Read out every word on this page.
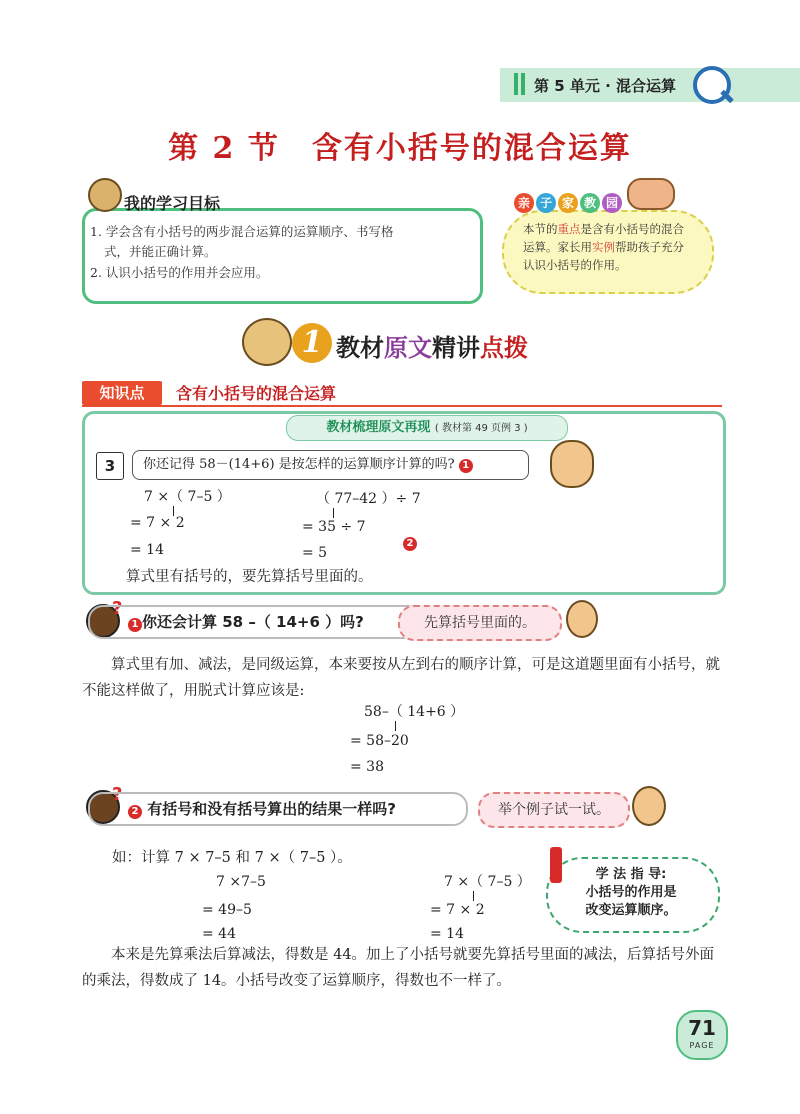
第 5 单元 · 混合运算
第 2 节　含有小括号的混合运算
我的学习目标
1. 学会含有小括号的两步混合运算的运算顺序、书写格
式，并能正确计算。
2. 认识小括号的作用并会应用。
亲 子 家 教 园
本节的重点是含有小括号的混合运算。家长用实例帮助孩子充分认识小括号的作用。
1 教材原文精讲点拨
知识点	含有小括号的混合运算
教材梳理原文再现 ( 教材第 49 页例 3 )
3	你还记得 58－(14+6) 是按怎样的运算顺序计算的吗? 1
7 ×（ 7–5 ）
= 7 × 2
= 14
（ 77–42 ）÷ 7
= 35 ÷ 7
= 5
2
算式里有括号的，要先算括号里面的。
?
1 你还会计算 58 –（ 14+6 ）吗?	先算括号里面的。
算式里有加、减法，是同级运算，本来要按从左到右的顺序计算，可是这道题里面有小括号，就不能这样做了，用脱式计算应该是:
58–（ 14+6 ）
= 58–20
= 38
?
2 有括号和没有括号算出的结果一样吗?	举个例子试一试。
如：计算 7 × 7–5 和 7 ×（ 7–5 ）。
7 ×7–5
= 49–5
= 44
7 ×（ 7–5 ）
= 7 × 2
= 14
学 法 指 导:
小括号的作用是
改变运算顺序。
本来是先算乘法后算减法，得数是 44。加上了小括号就要先算括号里面的减法，后算括号外面的乘法，得数成了 14。小括号改变了运算顺序，得数也不一样了。
71
PAGE
